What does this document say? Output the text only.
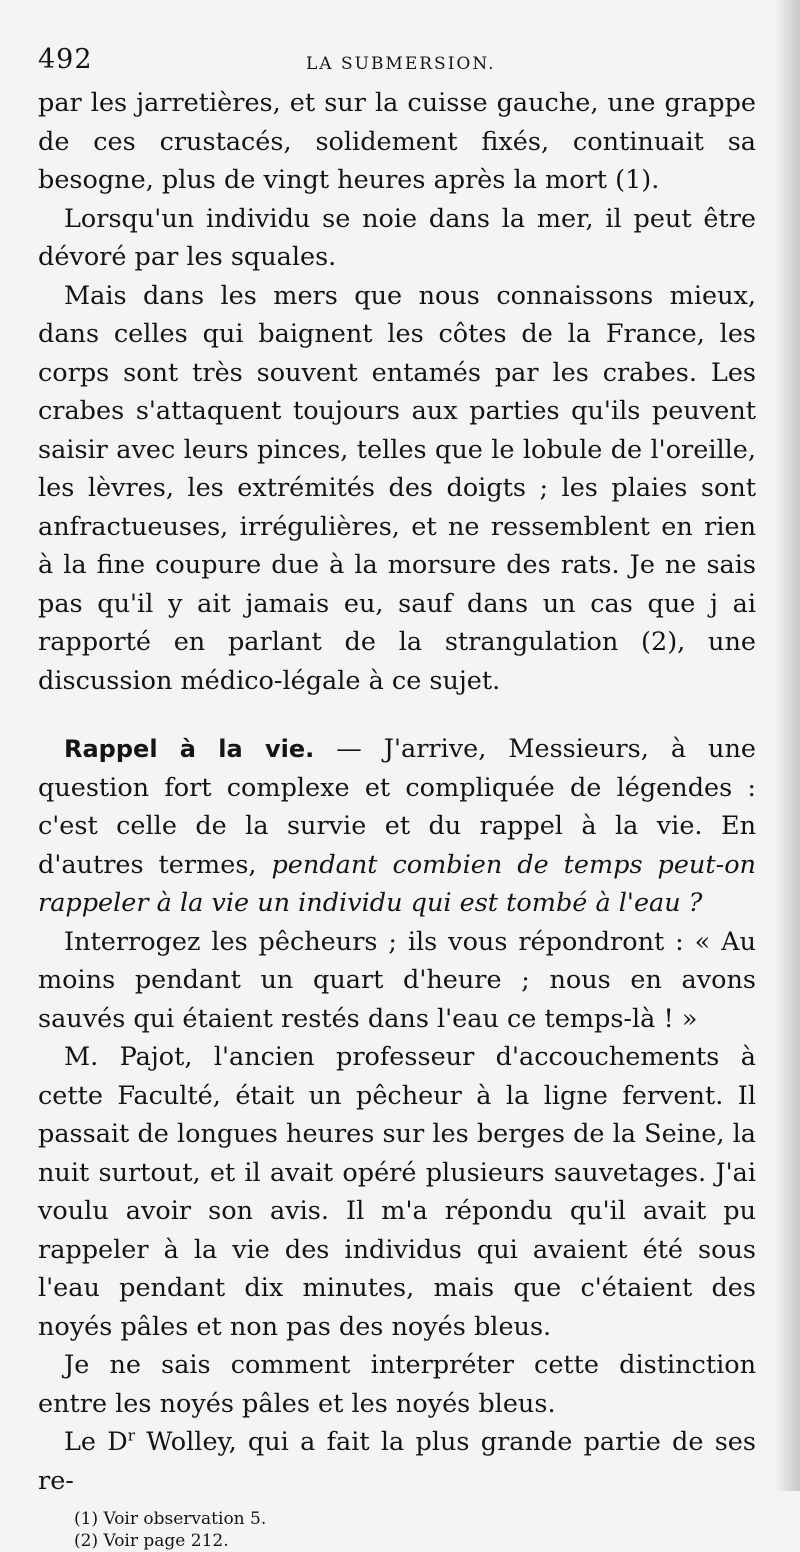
492	LA SUBMERSION.

par les jarretières, et sur la cuisse gauche, une grappe de ces crustacés, solidement fixés, continuait sa besogne, plus de vingt heures après la mort (1).

Lorsqu'un individu se noie dans la mer, il peut être dévoré par les squales.

Mais dans les mers que nous connaissons mieux, dans celles qui baignent les côtes de la France, les corps sont très souvent entamés par les crabes. Les crabes s'attaquent toujours aux parties qu'ils peuvent saisir avec leurs pinces, telles que le lobule de l'oreille, les lèvres, les extrémités des doigts ; les plaies sont anfractueuses, irrégulières, et ne ressemblent en rien à la fine coupure due à la morsure des rats. Je ne sais pas qu'il y ait jamais eu, sauf dans un cas que j ai rapporté en parlant de la strangulation (2), une discussion médico-légale à ce sujet.

Rappel à la vie. — J'arrive, Messieurs, à une question fort complexe et compliquée de légendes : c'est celle de la survie et du rappel à la vie. En d'autres termes, pendant combien de temps peut-on rappeler à la vie un individu qui est tombé à l'eau ?

Interrogez les pêcheurs ; ils vous répondront : « Au moins pendant un quart d'heure ; nous en avons sauvés qui étaient restés dans l'eau ce temps-là ! »

M. Pajot, l'ancien professeur d'accouchements à cette Faculté, était un pêcheur à la ligne fervent. Il passait de longues heures sur les berges de la Seine, la nuit surtout, et il avait opéré plusieurs sauvetages. J'ai voulu avoir son avis. Il m'a répondu qu'il avait pu rappeler à la vie des individus qui avaient été sous l'eau pendant dix minutes, mais que c'étaient des noyés pâles et non pas des noyés bleus.

Je ne sais comment interpréter cette distinction entre les noyés pâles et les noyés bleus.

Le $D^r$ Wolley, qui a fait la plus grande partie de ses re-

(1) Voir observation 5.

(2) Voir page 212.
